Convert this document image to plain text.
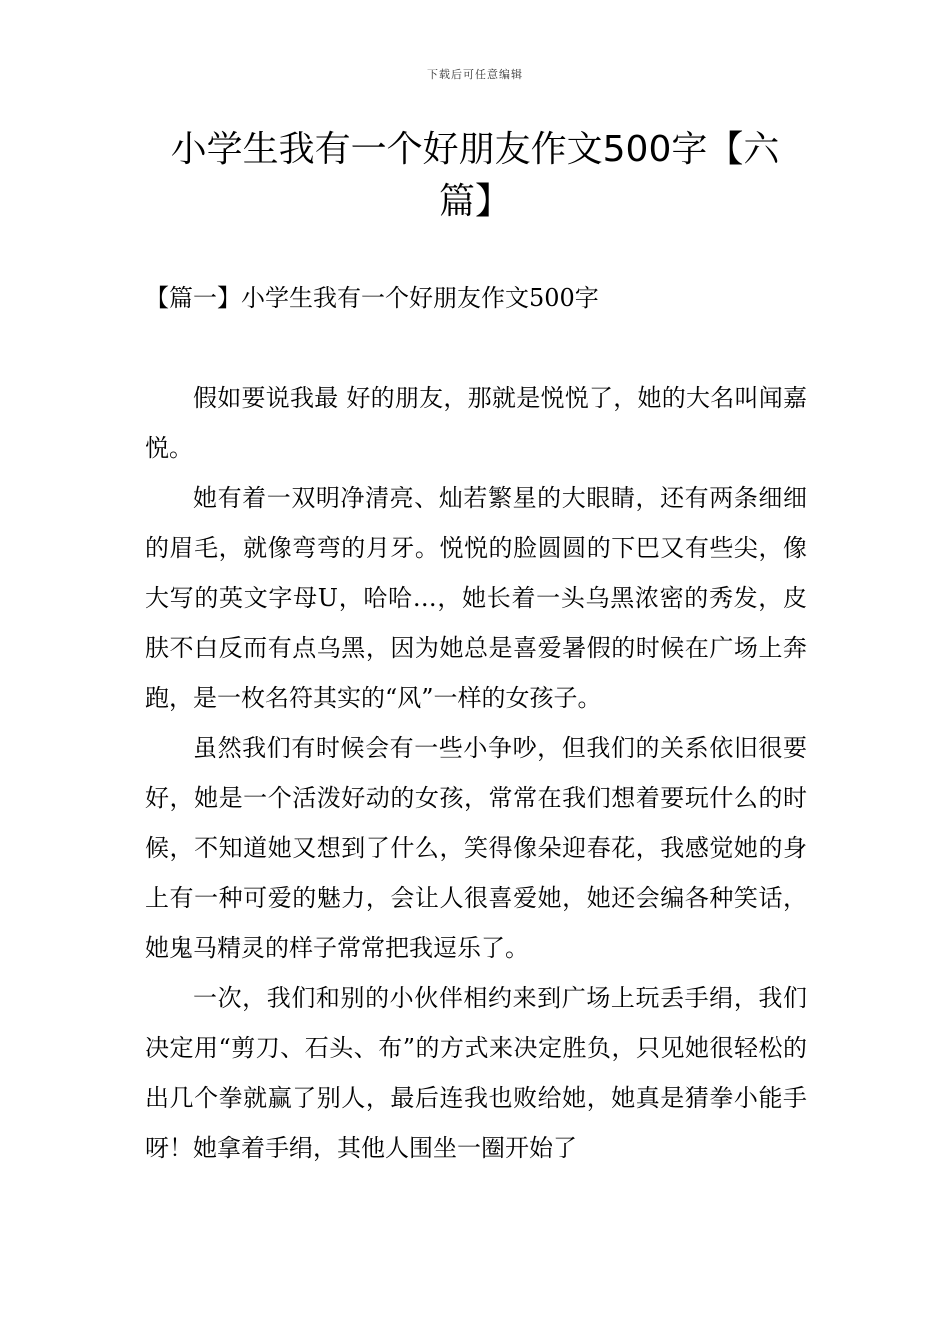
下载后可任意编辑
小学生我有一个好朋友作文500字【六篇】
【篇一】小学生我有一个好朋友作文500字

假如要说我最 好的朋友，那就是悦悦了，她的大名叫闻嘉悦。

她有着一双明净清亮、灿若繁星的大眼睛，还有两条细细的眉毛，就像弯弯的月牙。悦悦的脸圆圆的下巴又有些尖，像大写的英文字母U，哈哈…，她长着一头乌黑浓密的秀发，皮肤不白反而有点乌黑，因为她总是喜爱暑假的时候在广场上奔跑，是一枚名符其实的“风”一样的女孩子。

虽然我们有时候会有一些小争吵，但我们的关系依旧很要好，她是一个活泼好动的女孩，常常在我们想着要玩什么的时候，不知道她又想到了什么，笑得像朵迎春花，我感觉她的身上有一种可爱的魅力，会让人很喜爱她，她还会编各种笑话，她鬼马精灵的样子常常把我逗乐了。

一次，我们和别的小伙伴相约来到广场上玩丢手绢，我们决定用“剪刀、石头、布”的方式来决定胜负，只见她很轻松的出几个拳就赢了别人，最后连我也败给她，她真是猜拳小能手呀！她拿着手绢，其他人围坐一圈开始了
